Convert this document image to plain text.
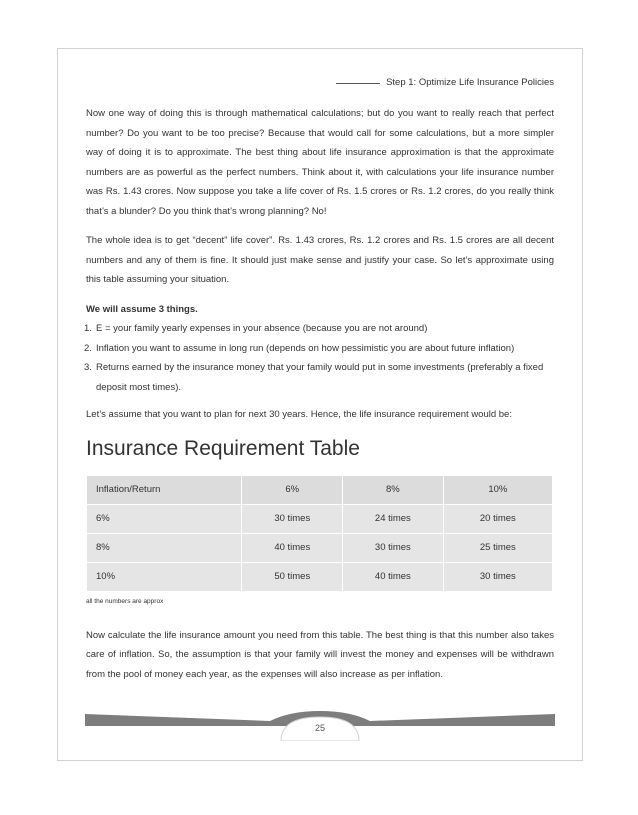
Step 1: Optimize Life Insurance Policies

Now one way of doing this is through mathematical calculations; but do you want to really reach that perfect number? Do you want to be too precise? Because that would call for some calculations, but a more simpler way of doing it is to approximate. The best thing about life insurance approximation is that the approximate numbers are as powerful as the perfect numbers. Think about it, with calculations your life insurance number was Rs. 1.43 crores. Now suppose you take a life cover of Rs. 1.5 crores or Rs. 1.2 crores, do you really think that’s a blunder? Do you think that’s wrong planning? No!

The whole idea is to get “decent” life cover”. Rs. 1.43 crores, Rs. 1.2 crores and Rs. 1.5 crores are all decent numbers and any of them is fine. It should just make sense and justify your case. So let’s approximate using this table assuming your situation.

We will assume 3 things.

1. E = your family yearly expenses in your absence (because you are not around)
2. Inflation you want to assume in long run (depends on how pessimistic you are about future inflation)
3. Returns earned by the insurance money that your family would put in some investments (preferably a fixed deposit most times).

Let’s assume that you want to plan for next 30 years. Hence, the life insurance requirement would be:

Insurance Requirement Table
Inflation/Return	6%	8%	10%
6%	30 times	24 times	20 times
8%	40 times	30 times	25 times
10%	50 times	40 times	30 times
all the numbers are approx

Now calculate the life insurance amount you need from this table. The best thing is that this number also takes care of inflation. So, the assumption is that your family will invest the money and expenses will be withdrawn from the pool of money each year, as the expenses will also increase as per inflation.

25
